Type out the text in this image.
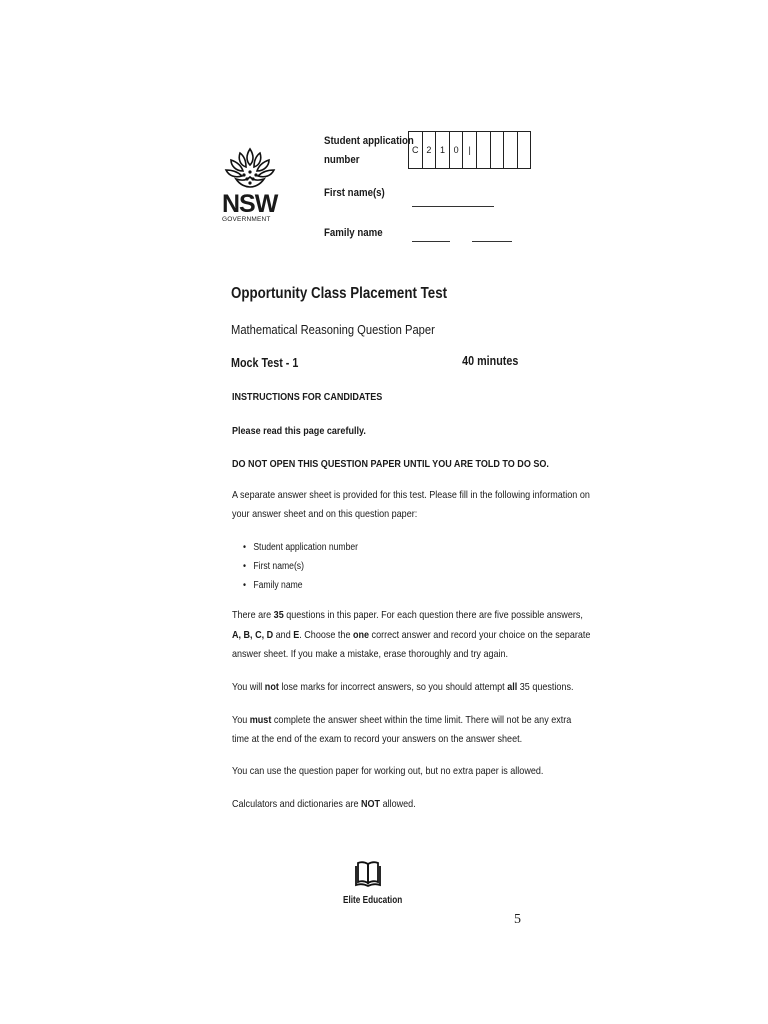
NSW
GOVERNMENT
Student application
number
C 2 1 0	|
First name(s)
Family name
Opportunity Class Placement Test
Mathematical Reasoning Question Paper
Mock Test - 1	40 minutes
INSTRUCTIONS FOR CANDIDATES
Please read this page carefully.
DO NOT OPEN THIS QUESTION PAPER UNTIL YOU ARE TOLD TO DO SO.
A separate answer sheet is provided for this test. Please fill in the following information on
your answer sheet and on this question paper:
• Student application number
• First name(s)
• Family name
There are 35 questions in this paper. For each question there are five possible answers,
A, B, C, D and E. Choose the one correct answer and record your choice on the separate
answer sheet. If you make a mistake, erase thoroughly and try again.
You will not lose marks for incorrect answers, so you should attempt all 35 questions.
You must complete the answer sheet within the time limit. There will not be any extra
time at the end of the exam to record your answers on the answer sheet.
You can use the question paper for working out, but no extra paper is allowed.
Calculators and dictionaries are NOT allowed.
Elite Education
5
